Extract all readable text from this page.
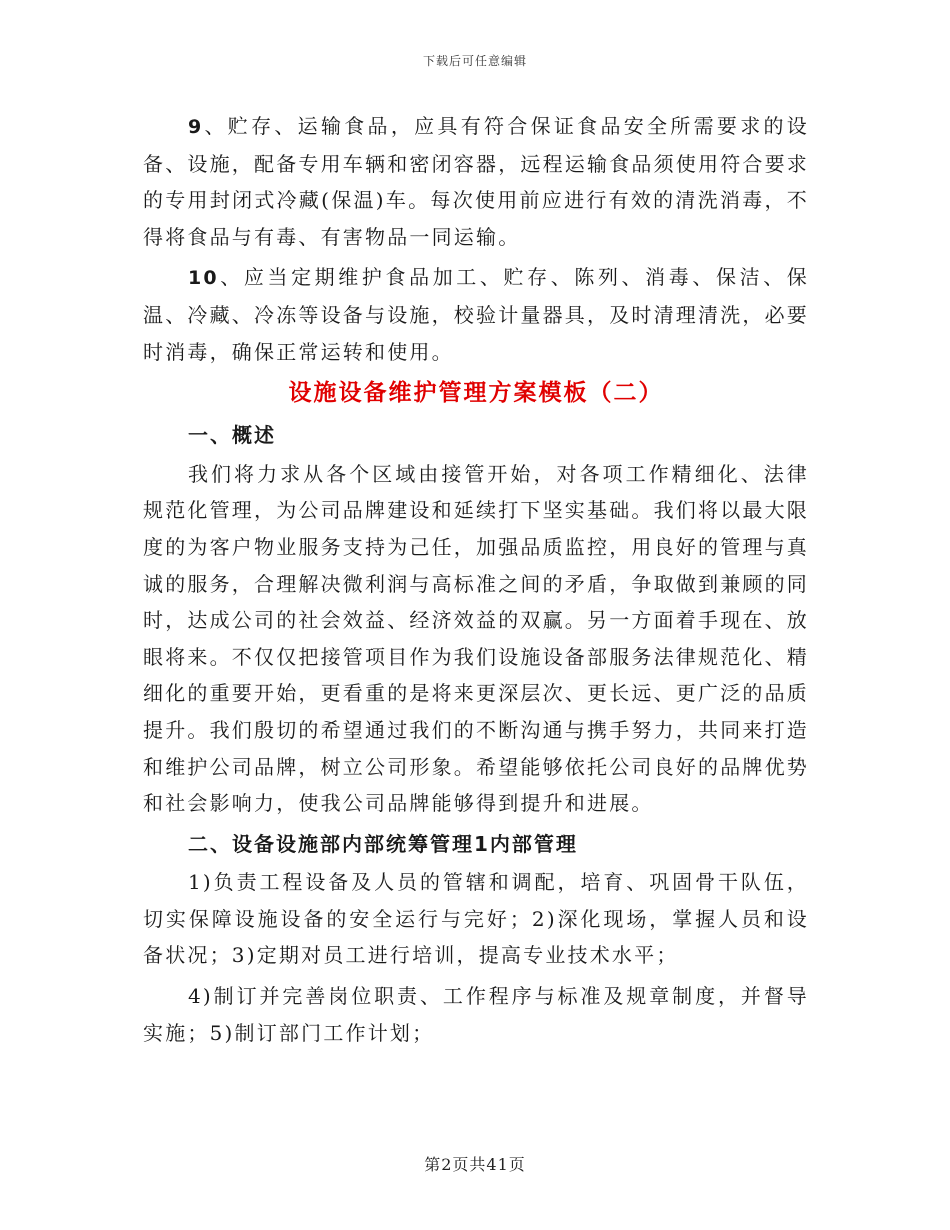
下载后可任意编辑

9、贮存、运输食品，应具有符合保证食品安全所需要求的设备、设施，配备专用车辆和密闭容器，远程运输食品须使用符合要求的专用封闭式冷藏(保温)车。每次使用前应进行有效的清洗消毒，不得将食品与有毒、有害物品一同运输。

10、应当定期维护食品加工、贮存、陈列、消毒、保洁、保温、冷藏、冷冻等设备与设施，校验计量器具，及时清理清洗，必要时消毒，确保正常运转和使用。

设施设备维护管理方案模板（二）
一、概述

我们将力求从各个区域由接管开始，对各项工作精细化、法律规范化管理，为公司品牌建设和延续打下坚实基础。我们将以最大限度的为客户物业服务支持为己任，加强品质监控，用良好的管理与真诚的服务，合理解决微利润与高标准之间的矛盾，争取做到兼顾的同时，达成公司的社会效益、经济效益的双赢。另一方面着手现在、放眼将来。不仅仅把接管项目作为我们设施设备部服务法律规范化、精细化的重要开始，更看重的是将来更深层次、更长远、更广泛的品质提升。我们殷切的希望通过我们的不断沟通与携手努力，共同来打造和维护公司品牌，树立公司形象。希望能够依托公司良好的品牌优势和社会影响力，使我公司品牌能够得到提升和进展。

二、设备设施部内部统筹管理1内部管理

1)负责工程设备及人员的管辖和调配，培育、巩固骨干队伍，切实保障设施设备的安全运行与完好；2)深化现场，掌握人员和设备状况；3)定期对员工进行培训，提高专业技术水平；

4)制订并完善岗位职责、工作程序与标准及规章制度，并督导实施；5)制订部门工作计划；

第2页共41页
